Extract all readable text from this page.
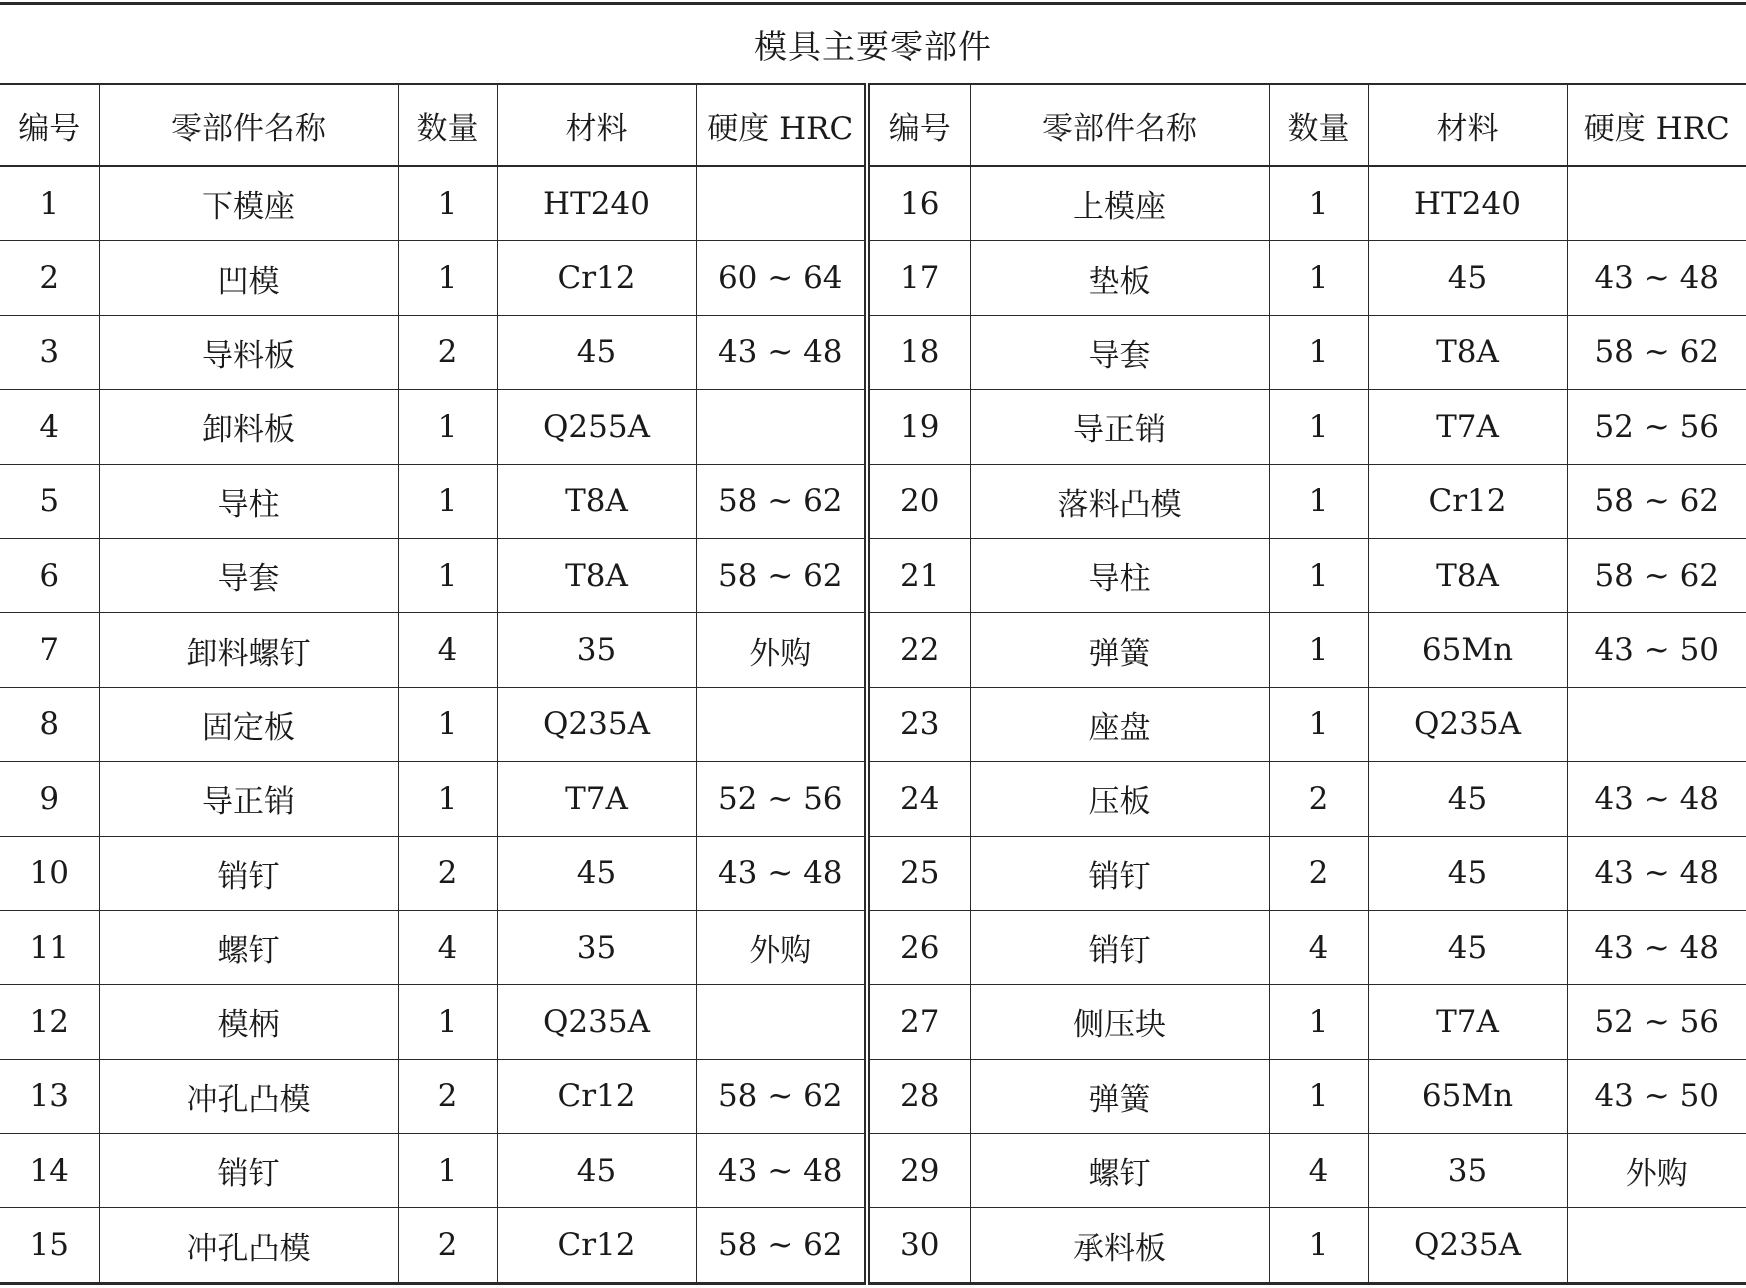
模具主要零部件
编号	零部件名称	数量	材料	硬度 HRC	编号	零部件名称	数量	材料	硬度 HRC
1	下模座	1	HT240		16	上模座	1	HT240	
2	凹模	1	Cr12	60 ~ 64	17	垫板	1	45	43 ~ 48
3	导料板	2	45	43 ~ 48	18	导套	1	T8A	58 ~ 62
4	卸料板	1	Q255A		19	导正销	1	T7A	52 ~ 56
5	导柱	1	T8A	58 ~ 62	20	落料凸模	1	Cr12	58 ~ 62
6	导套	1	T8A	58 ~ 62	21	导柱	1	T8A	58 ~ 62
7	卸料螺钉	4	35	外购	22	弹簧	1	65Mn	43 ~ 50
8	固定板	1	Q235A		23	座盘	1	Q235A	
9	导正销	1	T7A	52 ~ 56	24	压板	2	45	43 ~ 48
10	销钉	2	45	43 ~ 48	25	销钉	2	45	43 ~ 48
11	螺钉	4	35	外购	26	销钉	4	45	43 ~ 48
12	模柄	1	Q235A		27	侧压块	1	T7A	52 ~ 56
13	冲孔凸模	2	Cr12	58 ~ 62	28	弹簧	1	65Mn	43 ~ 50
14	销钉	1	45	43 ~ 48	29	螺钉	4	35	外购
15	冲孔凸模	2	Cr12	58 ~ 62	30	承料板	1	Q235A	
